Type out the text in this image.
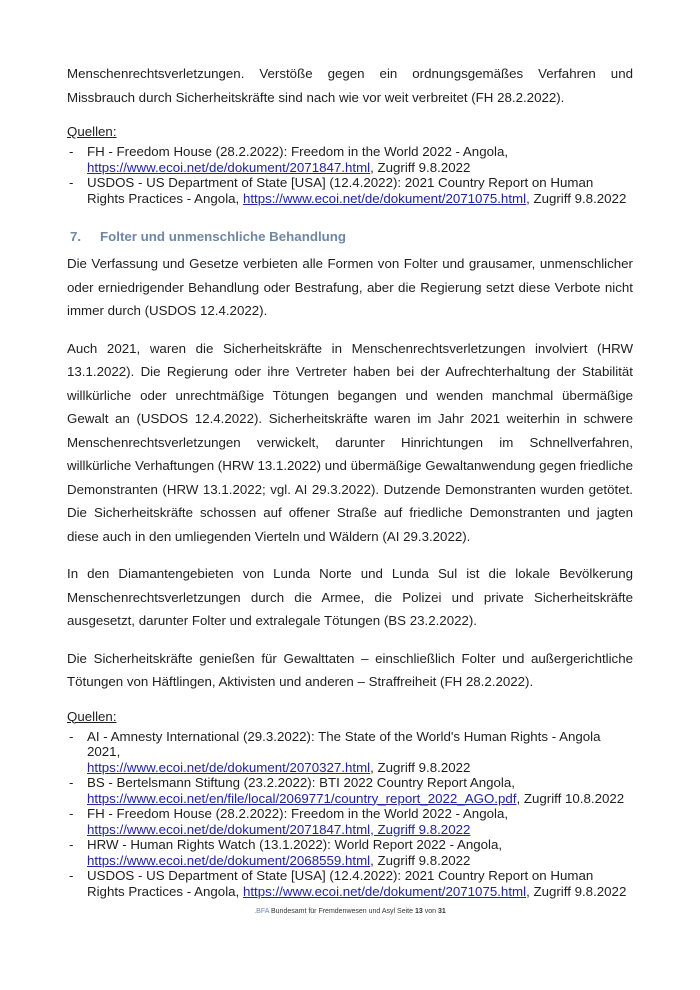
Menschenrechtsverletzungen. Verstöße gegen ein ordnungsgemäßes Verfahren und Missbrauch durch Sicherheitskräfte sind nach wie vor weit verbreitet (FH 28.2.2022).

Quellen:
- FH - Freedom House (28.2.2022): Freedom in the World 2022 - Angola,
https://www.ecoi.net/de/dokument/2071847.html, Zugriff 9.8.2022
- USDOS - US Department of State [USA] (12.4.2022): 2021 Country Report on Human Rights Practices - Angola, https://www.ecoi.net/de/dokument/2071075.html, Zugriff 9.8.2022
7. Folter und unmenschliche Behandlung

Die Verfassung und Gesetze verbieten alle Formen von Folter und grausamer, unmenschlicher oder erniedrigender Behandlung oder Bestrafung, aber die Regierung setzt diese Verbote nicht immer durch (USDOS 12.4.2022).

Auch 2021, waren die Sicherheitskräfte in Menschenrechtsverletzungen involviert (HRW 13.1.2022). Die Regierung oder ihre Vertreter haben bei der Aufrechterhaltung der Stabilität willkürliche oder unrechtmäßige Tötungen begangen und wenden manchmal übermäßige Gewalt an (USDOS 12.4.2022). Sicherheitskräfte waren im Jahr 2021 weiterhin in schwere Menschenrechtsverletzungen verwickelt, darunter Hinrichtungen im Schnellverfahren, willkürliche Verhaftungen (HRW 13.1.2022) und übermäßige Gewaltanwendung gegen friedliche Demonstranten (HRW 13.1.2022; vgl. AI 29.3.2022). Dutzende Demonstranten wurden getötet. Die Sicherheitskräfte schossen auf offener Straße auf friedliche Demonstranten und jagten diese auch in den umliegenden Vierteln und Wäldern (AI 29.3.2022).

In den Diamantengebieten von Lunda Norte und Lunda Sul ist die lokale Bevölkerung Menschenrechtsverletzungen durch die Armee, die Polizei und private Sicherheitskräfte ausgesetzt, darunter Folter und extralegale Tötungen (BS 23.2.2022).

Die Sicherheitskräfte genießen für Gewalttaten – einschließlich Folter und außergerichtliche Tötungen von Häftlingen, Aktivisten und anderen – Straffreiheit (FH 28.2.2022).

Quellen:
- AI - Amnesty International (29.3.2022): The State of the World's Human Rights - Angola 2021,
https://www.ecoi.net/de/dokument/2070327.html, Zugriff 9.8.2022
- BS - Bertelsmann Stiftung (23.2.2022): BTI 2022 Country Report Angola,
https://www.ecoi.net/en/file/local/2069771/country_report_2022_AGO.pdf, Zugriff 10.8.2022
- FH - Freedom House (28.2.2022): Freedom in the World 2022 - Angola,
https://www.ecoi.net/de/dokument/2071847.html, Zugriff 9.8.2022
- HRW - Human Rights Watch (13.1.2022): World Report 2022 - Angola,
https://www.ecoi.net/de/dokument/2068559.html, Zugriff 9.8.2022
- USDOS - US Department of State [USA] (12.4.2022): 2021 Country Report on Human Rights Practices - Angola, https://www.ecoi.net/de/dokument/2071075.html, Zugriff 9.8.2022
.BFA Bundesamt für Fremdenwesen und Asyl Seite 13 von 31
